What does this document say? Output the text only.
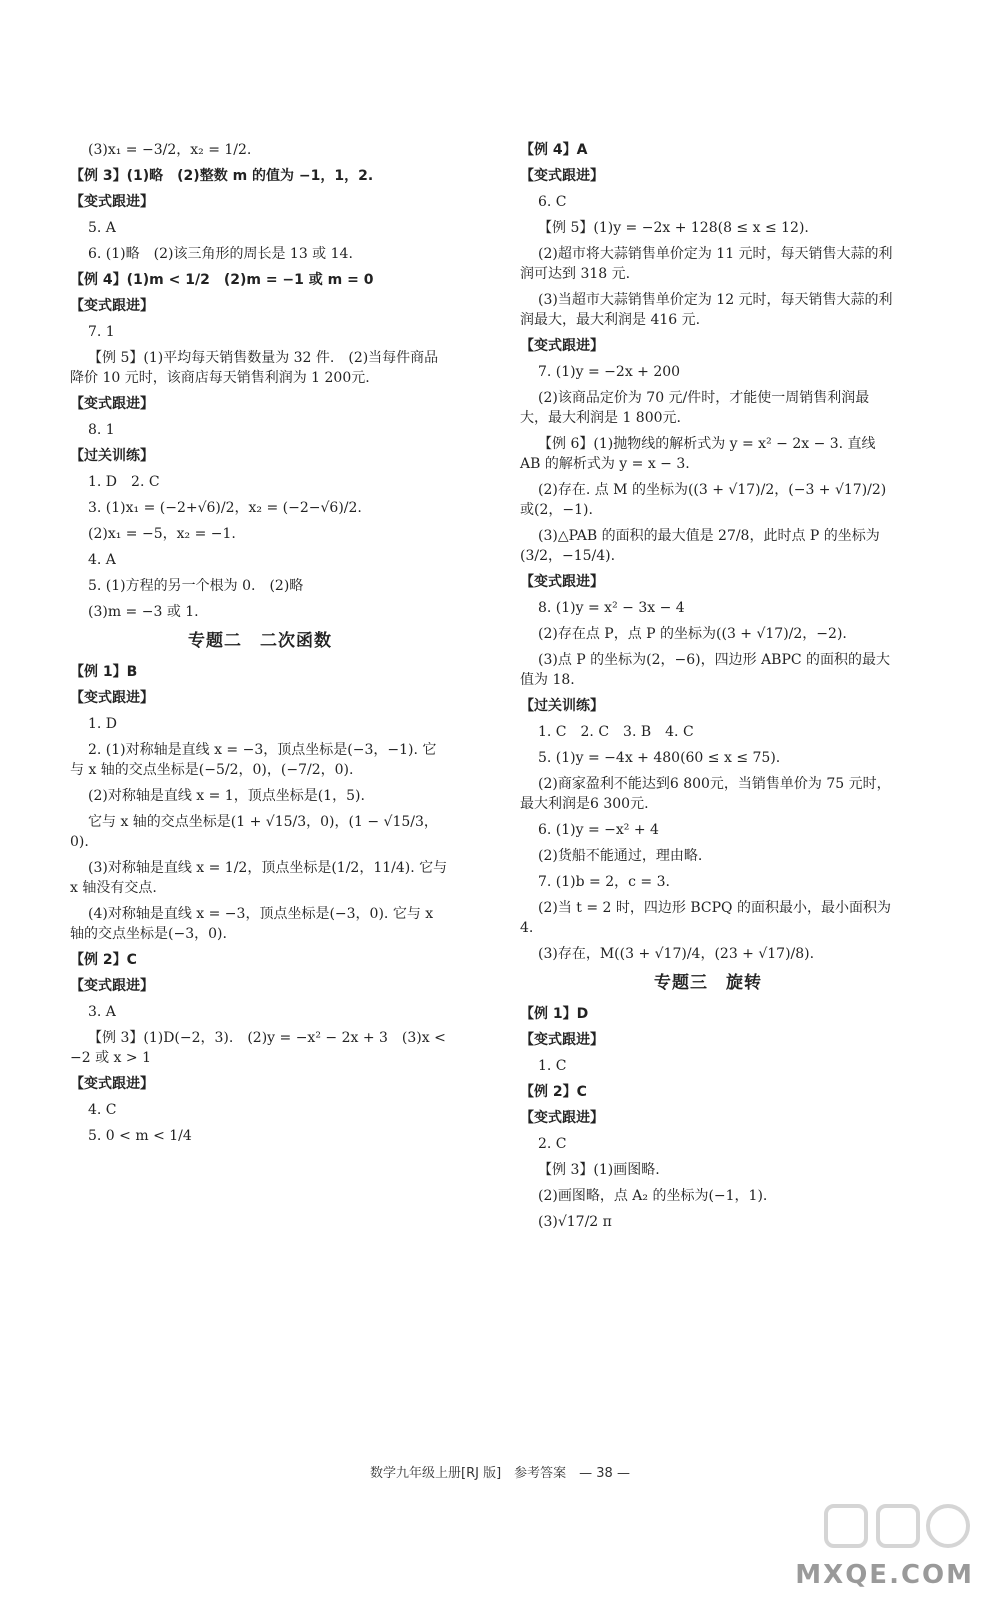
(3)x₁ = −3/2，x₂ = 1/2.
【例 3】(1)略　(2)整数 m 的值为 −1，1，2.
【变式跟进】
5. A
6. (1)略　(2)该三角形的周长是 13 或 14.
【例 4】(1)m < 1/2　(2)m = −1 或 m = 0
【变式跟进】
7. 1
【例 5】(1)平均每天销售数量为 32 件.　(2)当每件商品降价 10 元时，该商店每天销售利润为 1 200元.
【变式跟进】
8. 1
【过关训练】
1. D　2. C
3. (1)x₁ = (−2+√6)/2，x₂ = (−2−√6)/2.
(2)x₁ = −5，x₂ = −1.
4. A
5. (1)方程的另一个根为 0.　(2)略
(3)m = −3 或 1.
专题二　二次函数
【例 1】B
【变式跟进】
1. D
2. (1)对称轴是直线 x = −3，顶点坐标是(−3，−1). 它与 x 轴的交点坐标是(−5/2，0)，(−7/2，0).
(2)对称轴是直线 x = 1，顶点坐标是(1，5).
它与 x 轴的交点坐标是(1 + √15/3，0)，(1 − √15/3，0).
(3)对称轴是直线 x = 1/2，顶点坐标是(1/2，11/4). 它与 x 轴没有交点.
(4)对称轴是直线 x = −3，顶点坐标是(−3，0). 它与 x 轴的交点坐标是(−3，0).
【例 2】C
【变式跟进】
3. A
【例 3】(1)D(−2，3).　(2)y = −x² − 2x + 3　(3)x < −2 或 x > 1
【变式跟进】
4. C
5. 0 < m < 1/4
【例 4】A
【变式跟进】
6. C
【例 5】(1)y = −2x + 128(8 ≤ x ≤ 12).
(2)超市将大蒜销售单价定为 11 元时，每天销售大蒜的利润可达到 318 元.
(3)当超市大蒜销售单价定为 12 元时，每天销售大蒜的利润最大，最大利润是 416 元.
【变式跟进】
7. (1)y = −2x + 200
(2)该商品定价为 70 元/件时，才能使一周销售利润最大，最大利润是 1 800元.
【例 6】(1)抛物线的解析式为 y = x² − 2x − 3. 直线 AB 的解析式为 y = x − 3.
(2)存在. 点 M 的坐标为((3 + √17)/2，(−3 + √17)/2)或(2，−1).
(3)△PAB 的面积的最大值是 27/8，此时点 P 的坐标为(3/2，−15/4).
【变式跟进】
8. (1)y = x² − 3x − 4
(2)存在点 P，点 P 的坐标为((3 + √17)/2，−2).
(3)点 P 的坐标为(2，−6)，四边形 ABPC 的面积的最大值为 18.
【过关训练】
1. C　2. C　3. B　4. C
5. (1)y = −4x + 480(60 ≤ x ≤ 75).
(2)商家盈利不能达到6 800元，当销售单价为 75 元时，最大利润是6 300元.
6. (1)y = −x² + 4
(2)货船不能通过，理由略.
7. (1)b = 2，c = 3.
(2)当 t = 2 时，四边形 BCPQ 的面积最小，最小面积为 4.
(3)存在，M((3 + √17)/4，(23 + √17)/8).
专题三　旋转
【例 1】D
【变式跟进】
1. C
【例 2】C
【变式跟进】
2. C
【例 3】(1)画图略.
(2)画图略，点 A₂ 的坐标为(−1，1).
(3)√17/2 π
数学九年级上册[RJ 版]　参考答案　— 38 —
MXQE.COM
